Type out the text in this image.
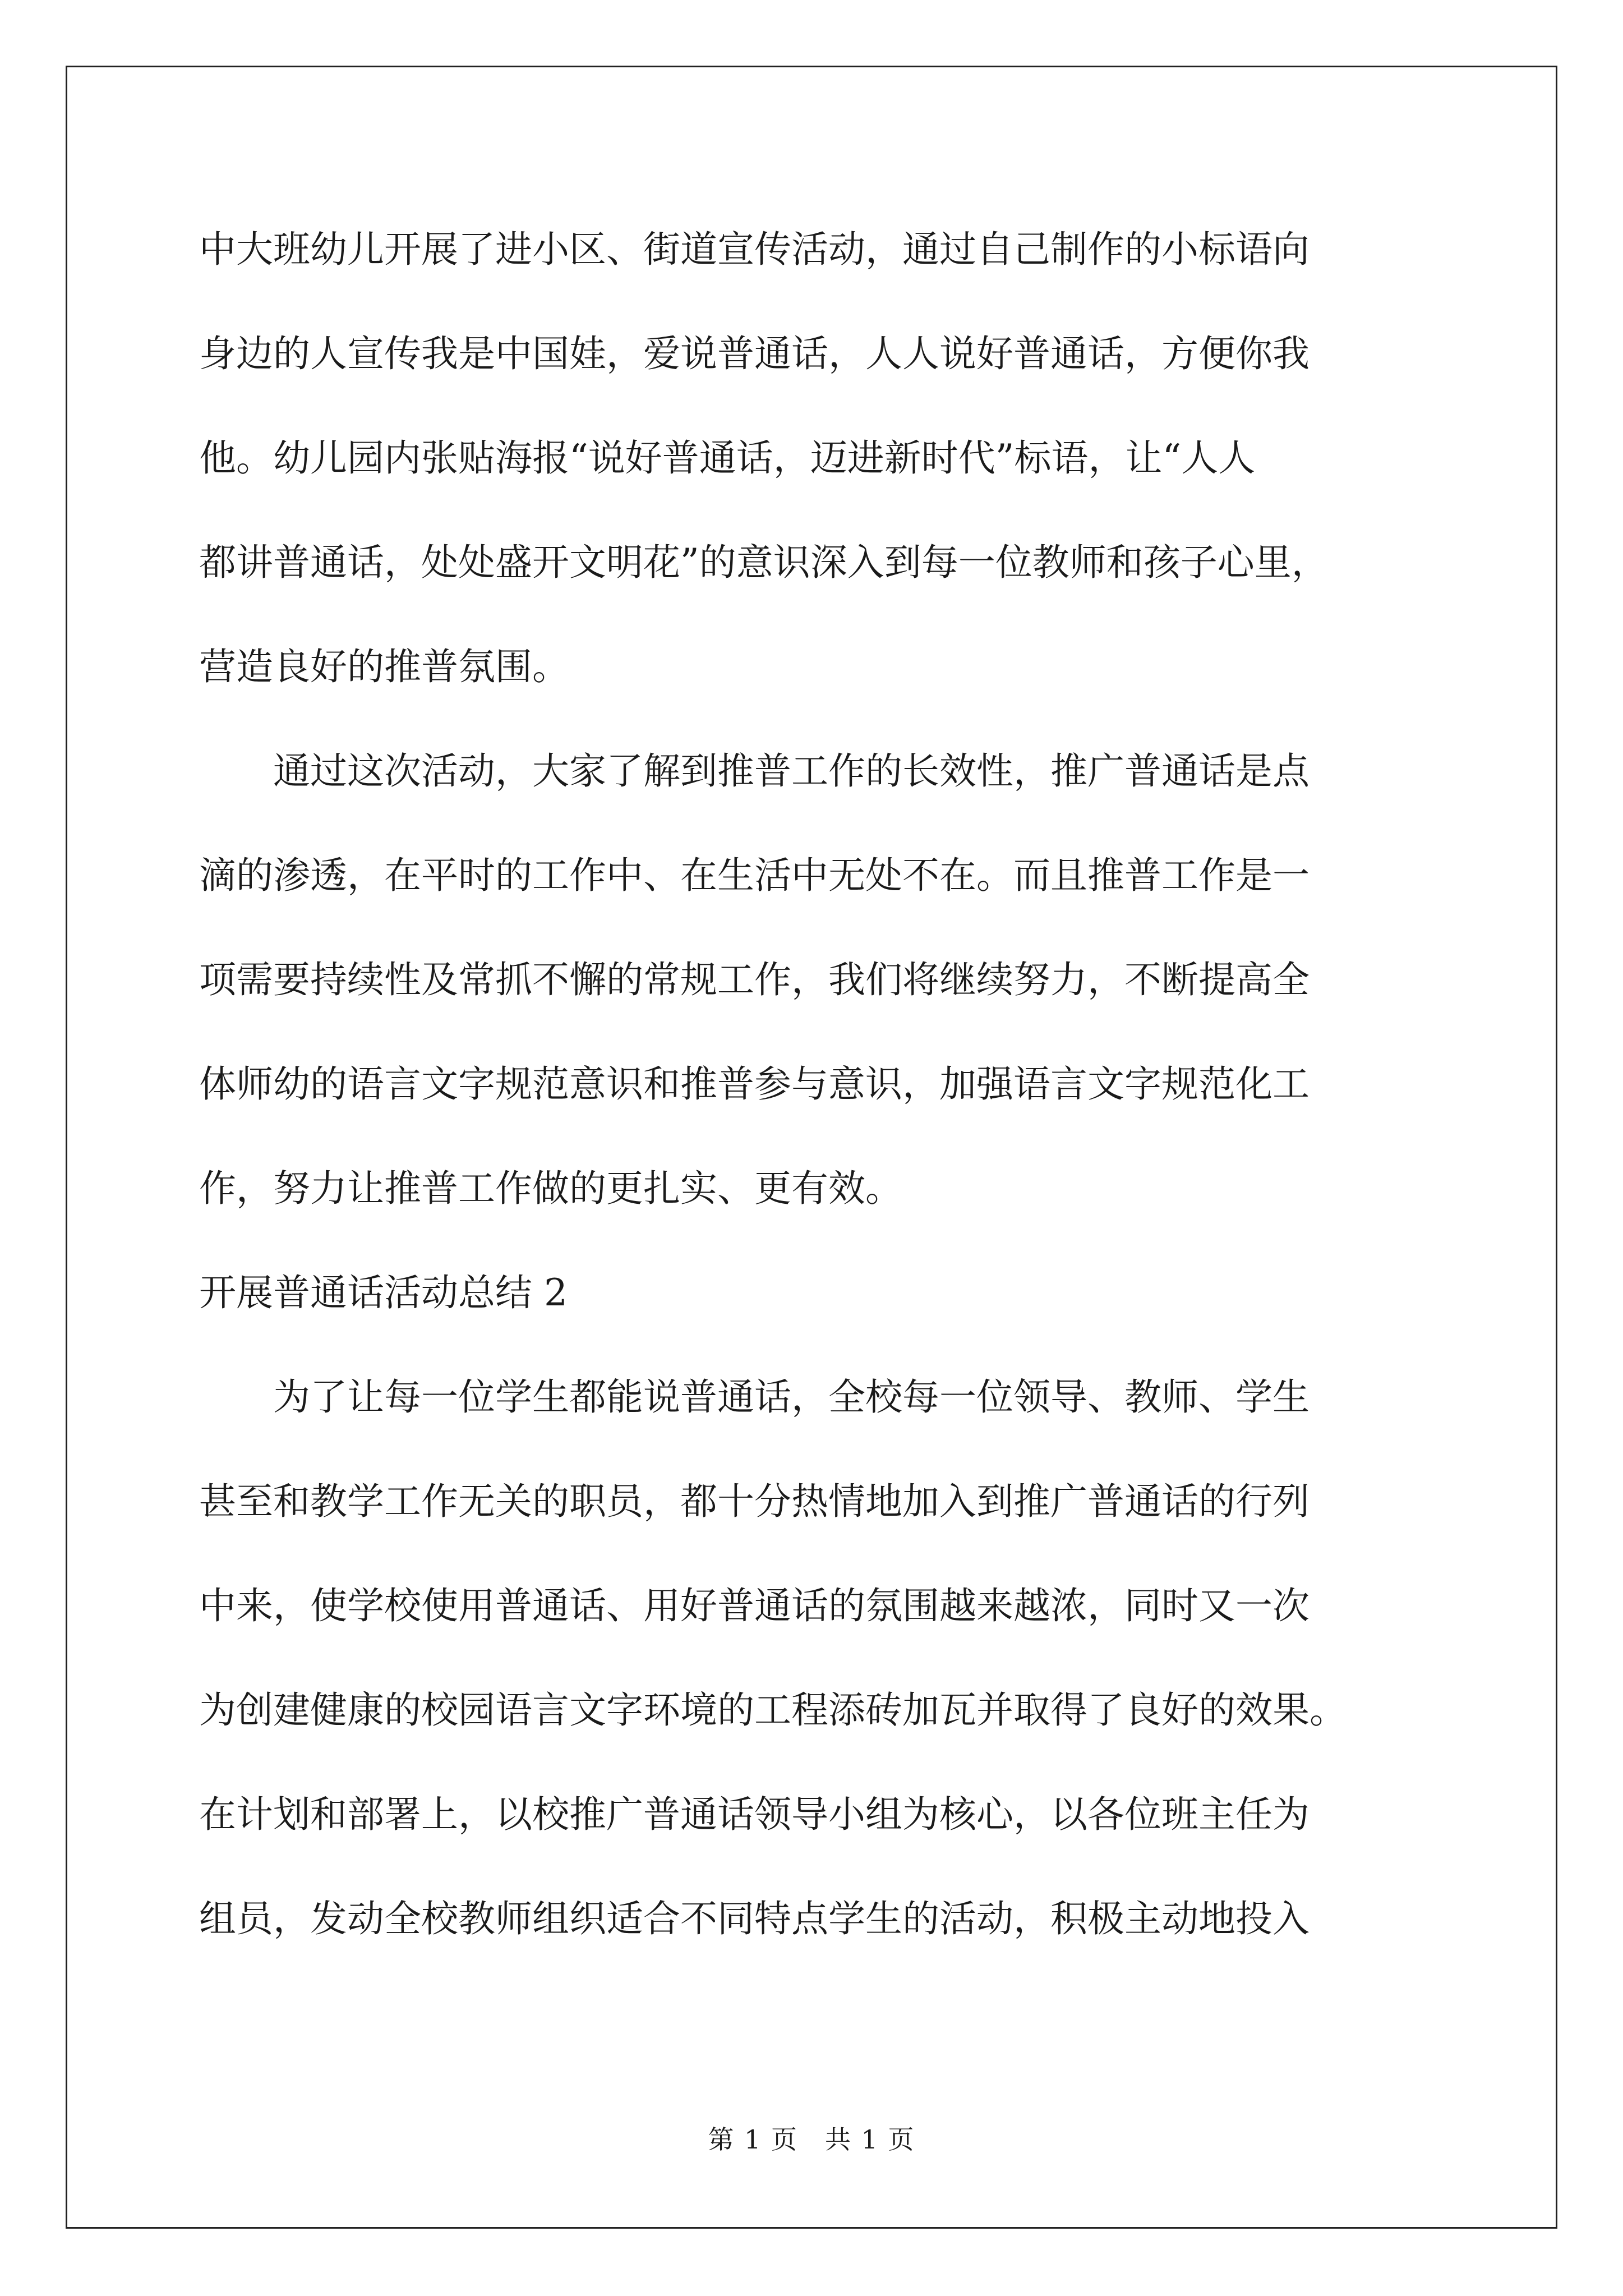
中大班幼儿开展了进小区、街道宣传活动，通过自己制作的小标语向
身边的人宣传我是中国娃，爱说普通话，人人说好普通话，方便你我
他。幼儿园内张贴海报“说好普通话，迈进新时代”标语，让“人人
都讲普通话，处处盛开文明花”的意识深入到每一位教师和孩子心里，
营造良好的推普氛围。
　　通过这次活动，大家了解到推普工作的长效性，推广普通话是点
滴的渗透，在平时的工作中、在生活中无处不在。而且推普工作是一
项需要持续性及常抓不懈的常规工作，我们将继续努力，不断提高全
体师幼的语言文字规范意识和推普参与意识，加强语言文字规范化工
作，努力让推普工作做的更扎实、更有效。
开展普通话活动总结 2
　　为了让每一位学生都能说普通话，全校每一位领导、教师、学生
甚至和教学工作无关的职员，都十分热情地加入到推广普通话的行列
中来，使学校使用普通话、用好普通话的氛围越来越浓，同时又一次
为创建健康的校园语言文字环境的工程添砖加瓦并取得了良好的效果。
在计划和部署上，以校推广普通话领导小组为核心，以各位班主任为
组员，发动全校教师组织适合不同特点学生的活动，积极主动地投入
第 1 页　共 1 页
